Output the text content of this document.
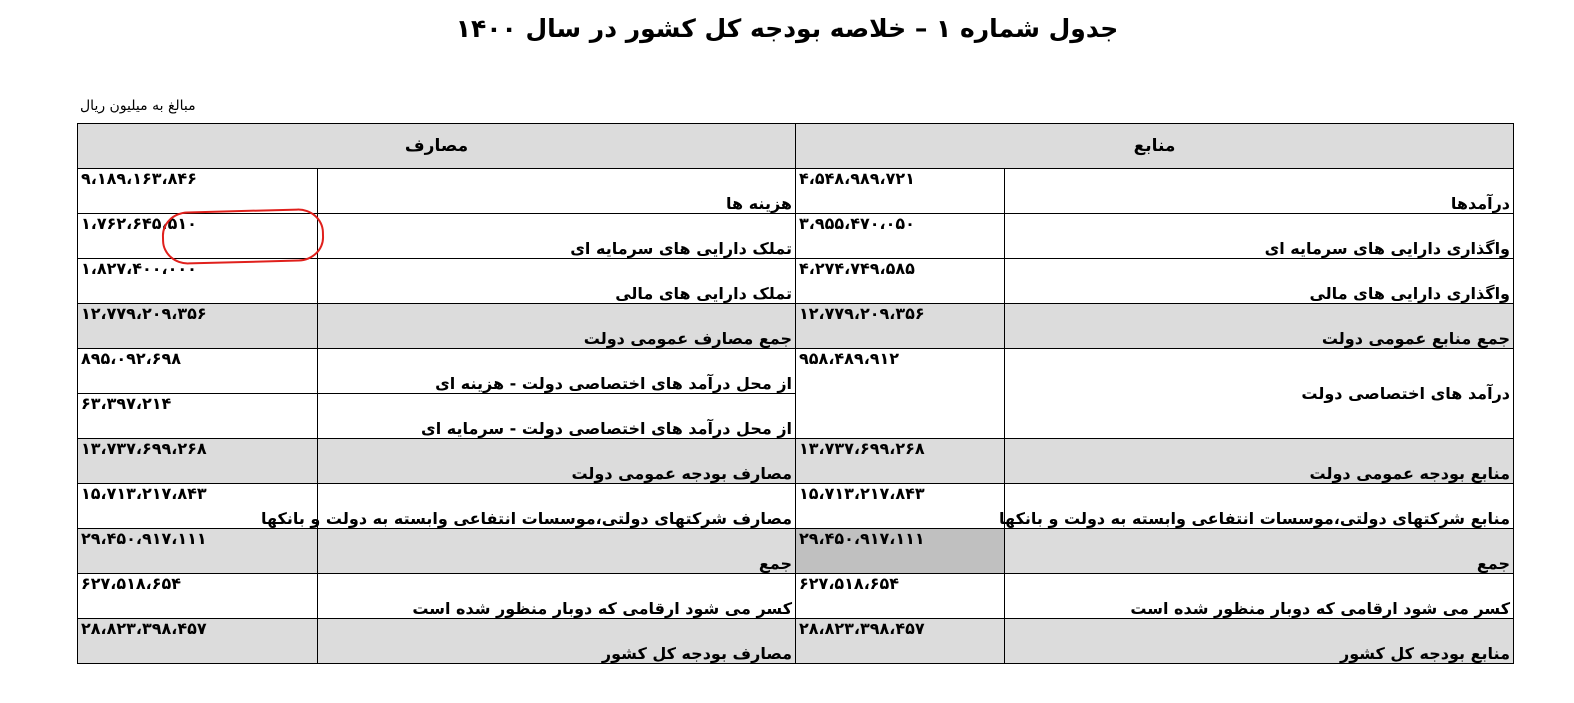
جدول شماره ۱ – خلاصه بودجه کل کشور در سال ۱۴۰۰
مبالغ به میلیون ریال
منابع		مصارف	
درآمدها	۴،۵۴۸،۹۸۹،۷۲۱	هزینه ها	۹،۱۸۹،۱۶۳،۸۴۶
واگذاری دارایی های سرمایه ای	۳،۹۵۵،۴۷۰،۰۵۰	تملک دارایی های سرمایه ای	۱،۷۶۲،۶۴۵،۵۱۰
واگذاری دارایی های مالی	۴،۲۷۴،۷۴۹،۵۸۵	تملک دارایی های مالی	۱،۸۲۷،۴۰۰،۰۰۰
جمع منابع عمومی دولت	۱۲،۷۷۹،۲۰۹،۳۵۶	جمع مصارف عمومی دولت	۱۲،۷۷۹،۲۰۹،۳۵۶
درآمد های اختصاصی دولت	۹۵۸،۴۸۹،۹۱۲	از محل درآمد های اختصاصی دولت - هزینه ای	۸۹۵،۰۹۲،۶۹۸
		از محل درآمد های اختصاصی دولت - سرمایه ای	۶۳،۳۹۷،۲۱۴
منابع بودجه عمومی دولت	۱۳،۷۳۷،۶۹۹،۲۶۸	مصارف بودجه عمومی دولت	۱۳،۷۳۷،۶۹۹،۲۶۸
منابع شرکتهای دولتی،موسسات انتفاعی وابسته به دولت و بانکها	۱۵،۷۱۳،۲۱۷،۸۴۳	مصارف شرکتهای دولتی،موسسات انتفاعی وابسته به دولت و بانکها	۱۵،۷۱۳،۲۱۷،۸۴۳
جمع	۲۹،۴۵۰،۹۱۷،۱۱۱	جمع	۲۹،۴۵۰،۹۱۷،۱۱۱
کسر می شود ارقامی که دوبار منظور شده است	۶۲۷،۵۱۸،۶۵۴	کسر می شود ارقامی که دوبار منظور شده است	۶۲۷،۵۱۸،۶۵۴
منابع بودجه کل کشور	۲۸،۸۲۳،۳۹۸،۴۵۷	مصارف بودجه کل کشور	۲۸،۸۲۳،۳۹۸،۴۵۷
